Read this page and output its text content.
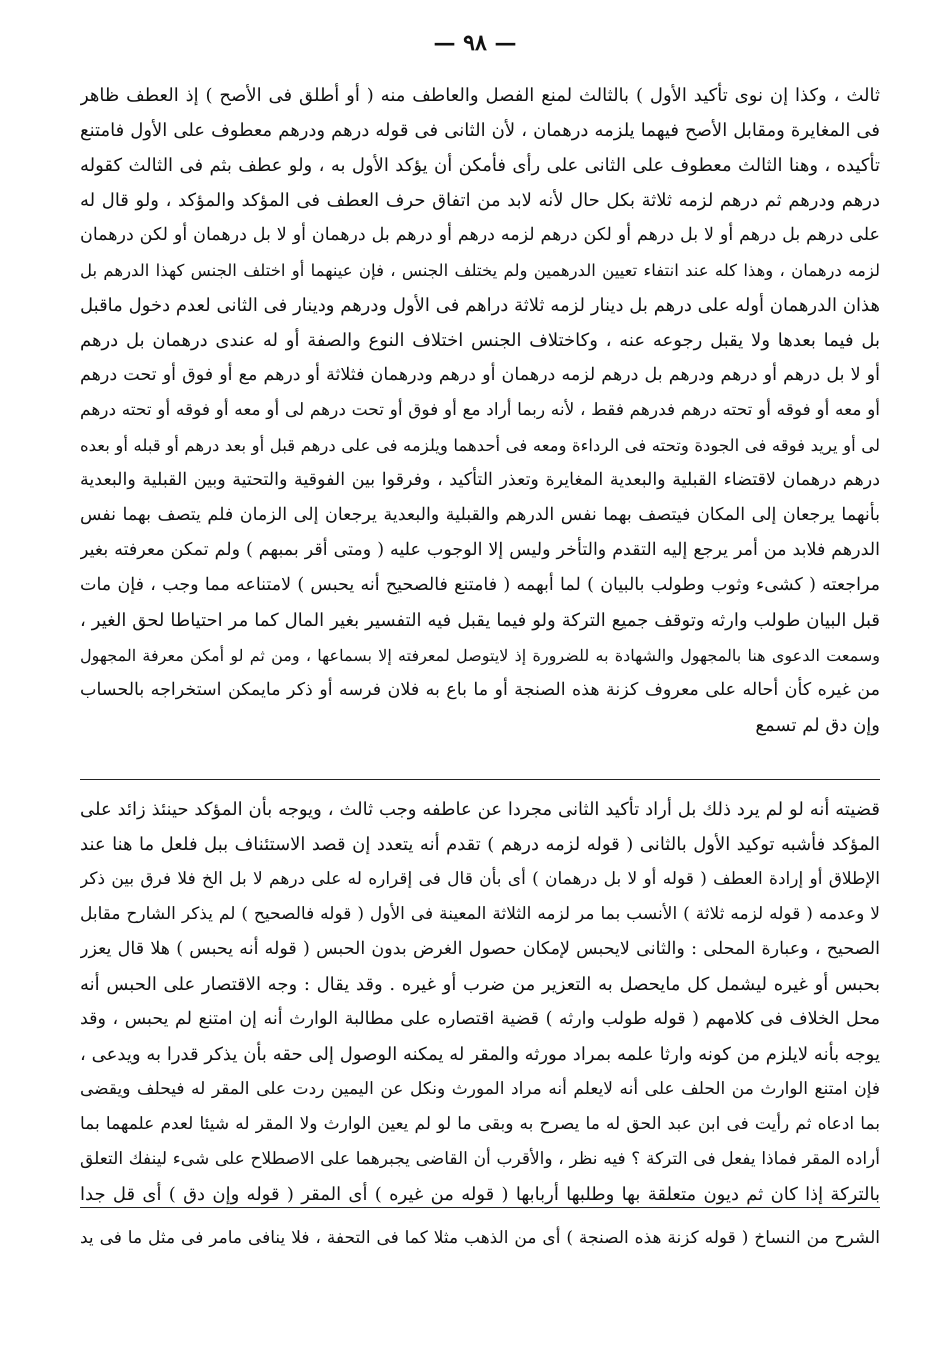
— ٩٨ —
ثالث ، وكذا إن نوى تأكيد الأول ) بالثالث لمنع الفصل والعاطف منه ( أو أطلق فى الأصح ) إذ العطف ظاهر
فى المغايرة ومقابل الأصح فيهما يلزمه درهمان ، لأن الثانى فى قوله درهم ودرهم معطوف على الأول فامتنع
تأكيده ، وهنا الثالث معطوف على الثانى على رأى فأمكن أن يؤكد الأول به ، ولو عطف بثم فى الثالث كقوله
درهم ودرهم ثم درهم لزمه ثلاثة بكل حال لأنه لابد من اتفاق حرف العطف فى المؤكد والمؤكد ، ولو قال له
على درهم بل درهم أو لا بل درهم أو لكن درهم لزمه درهم أو درهم بل درهمان أو لا بل درهمان أو لكن درهمان
لزمه درهمان ، وهذا كله عند انتفاء تعيين الدرهمين ولم يختلف الجنس ، فإن عينهما أو اختلف الجنس كهذا الدرهم بل
هذان الدرهمان أوله على درهم بل دينار لزمه ثلاثة دراهم فى الأول ودرهم ودينار فى الثانى لعدم دخول ماقبل
بل فيما بعدها ولا يقبل رجوعه عنه ، وكاختلاف الجنس اختلاف النوع والصفة أو له عندى درهمان بل درهم
أو لا بل درهم أو درهم ودرهم بل درهم لزمه درهمان أو درهم ودرهمان فثلاثة أو درهم مع أو فوق أو تحت درهم
أو معه أو فوقه أو تحته درهم فدرهم فقط ، لأنه ربما أراد مع أو فوق أو تحت درهم لى أو معه أو فوقه أو تحته درهم
لى أو يريد فوقه فى الجودة وتحته فى الرداءة ومعه فى أحدهما ويلزمه فى على درهم قبل أو بعد درهم أو قبله أو بعده
درهم درهمان لاقتضاء القبلية والبعدية المغايرة وتعذر التأكيد ، وفرقوا بين الفوقية والتحتية وبين القبلية والبعدية
بأنهما يرجعان إلى المكان فيتصف بهما نفس الدرهم والقبلية والبعدية يرجعان إلى الزمان فلم يتصف بهما نفس
الدرهم فلابد من أمر يرجع إليه التقدم والتأخر وليس إلا الوجوب عليه ( ومتى أقر بمبهم ) ولم تمكن معرفته بغير
مراجعته ( كشىء وثوب وطولب بالبيان ) لما أبهمه ( فامتنع فالصحيح أنه يحبس ) لامتناعه مما وجب ، فإن مات
قبل البيان طولب وارثه وتوقف جميع التركة ولو فيما يقبل فيه التفسير بغير المال كما مر احتياطا لحق الغير ،
وسمعت الدعوى هنا بالمجهول والشهادة به للضرورة إذ لايتوصل لمعرفته إلا بسماعها ، ومن ثم لو أمكن معرفة المجهول
من غيره كأن أحاله على معروف كزنة هذه الصنجة أو ما باع به فلان فرسه أو ذكر مايمكن استخراجه بالحساب
وإن دق لم تسمع
قضيته أنه لو لم يرد ذلك بل أراد تأكيد الثانى مجردا عن عاطفه وجب ثالث ، ويوجه بأن المؤكد حينئذ زائد على
المؤكد فأشبه توكيد الأول بالثانى ( قوله لزمه درهم ) تقدم أنه يتعدد إن قصد الاستئناف ببل فلعل ما هنا عند
الإطلاق أو إرادة العطف ( قوله أو لا بل درهمان ) أى بأن قال فى إقراره له على درهم لا بل الخ فلا فرق بين ذكر
لا وعدمه ( قوله لزمه ثلاثة ) الأنسب بما مر لزمه الثلاثة المعينة فى الأول ( قوله فالصحيح ) لم يذكر الشارح مقابل
الصحيح ، وعبارة المحلى : والثانى لايحبس لإمكان حصول الغرض بدون الحبس ( قوله أنه يحبس ) هلا قال يعزر
بحبس أو غيره ليشمل كل مايحصل به التعزير من ضرب أو غيره . وقد يقال : وجه الاقتصار على الحبس أنه
محل الخلاف فى كلامهم ( قوله طولب وارثه ) قضية اقتصاره على مطالبة الوارث أنه إن امتنع لم يحبس ، وقد
يوجه بأنه لايلزم من كونه وارثا علمه بمراد مورثه والمقر له يمكنه الوصول إلى حقه بأن يذكر قدرا به ويدعى ،
فإن امتنع الوارث من الحلف على أنه لايعلم أنه مراد المورث ونكل عن اليمين ردت على المقر له فيحلف ويقضى
بما ادعاه ثم رأيت فى ابن عبد الحق له ما يصرح به وبقى ما لو لم يعين الوارث ولا المقر له شيئا لعدم علمهما بما
أراده المقر فماذا يفعل فى التركة ؟ فيه نظر ، والأقرب أن القاضى يجبرهما على الاصطلاح على شىء لينفك التعلق
بالتركة إذا كان ثم ديون متعلقة بها وطلبها أربابها ( قوله من غيره ) أى المقر ( قوله وإن دق ) أى قل جدا
الشرح من النساخ ( قوله كزنة هذه الصنجة ) أى من الذهب مثلا كما فى التحفة ، فلا ينافى مامر فى مثل ما فى يد
